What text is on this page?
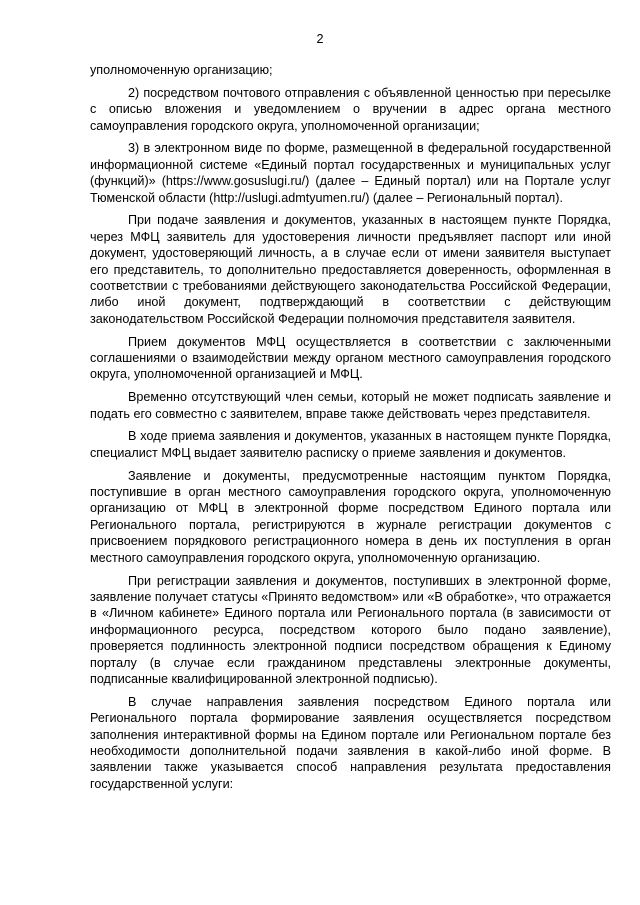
2

уполномоченную организацию;

2) посредством почтового отправления с объявленной ценностью при пересылке с описью вложения и уведомлением о вручении в адрес органа местного самоуправления городского округа, уполномоченной организации;

3) в электронном виде по форме, размещенной в федеральной государственной информационной системе «Единый портал государственных и муниципальных услуг (функций)» (https://www.gosuslugi.ru/) (далее – Единый портал) или на Портале услуг Тюменской области (http://uslugi.admtyumen.ru/) (далее – Региональный портал).

При подаче заявления и документов, указанных в настоящем пункте Порядка, через МФЦ заявитель для удостоверения личности предъявляет паспорт или иной документ, удостоверяющий личность, а в случае если от имени заявителя выступает его представитель, то дополнительно предоставляется доверенность, оформленная в соответствии с требованиями действующего законодательства Российской Федерации, либо иной документ, подтверждающий в соответствии с действующим законодательством Российской Федерации полномочия представителя заявителя.

Прием документов МФЦ осуществляется в соответствии с заключенными соглашениями о взаимодействии между органом местного самоуправления городского округа, уполномоченной организацией и МФЦ.

Временно отсутствующий член семьи, который не может подписать заявление и подать его совместно с заявителем, вправе также действовать через представителя.

В ходе приема заявления и документов, указанных в настоящем пункте Порядка, специалист МФЦ выдает заявителю расписку о приеме заявления и документов.

Заявление и документы, предусмотренные настоящим пунктом Порядка, поступившие в орган местного самоуправления городского округа, уполномоченную организацию от МФЦ в электронной форме посредством Единого портала или Регионального портала, регистрируются в журнале регистрации документов с присвоением порядкового регистрационного номера в день их поступления в орган местного самоуправления городского округа, уполномоченную организацию.

При регистрации заявления и документов, поступивших в электронной форме, заявление получает статусы «Принято ведомством» или «В обработке», что отражается в «Личном кабинете» Единого портала или Регионального портала (в зависимости от информационного ресурса, посредством которого было подано заявление), проверяется подлинность электронной подписи посредством обращения к Единому порталу (в случае если гражданином представлены электронные документы, подписанные квалифицированной электронной подписью).

В случае направления заявления посредством Единого портала или Регионального портала формирование заявления осуществляется посредством заполнения интерактивной формы на Едином портале или Региональном портале без необходимости дополнительной подачи заявления в какой-либо иной форме. В заявлении также указывается способ направления результата предоставления государственной услуги:
